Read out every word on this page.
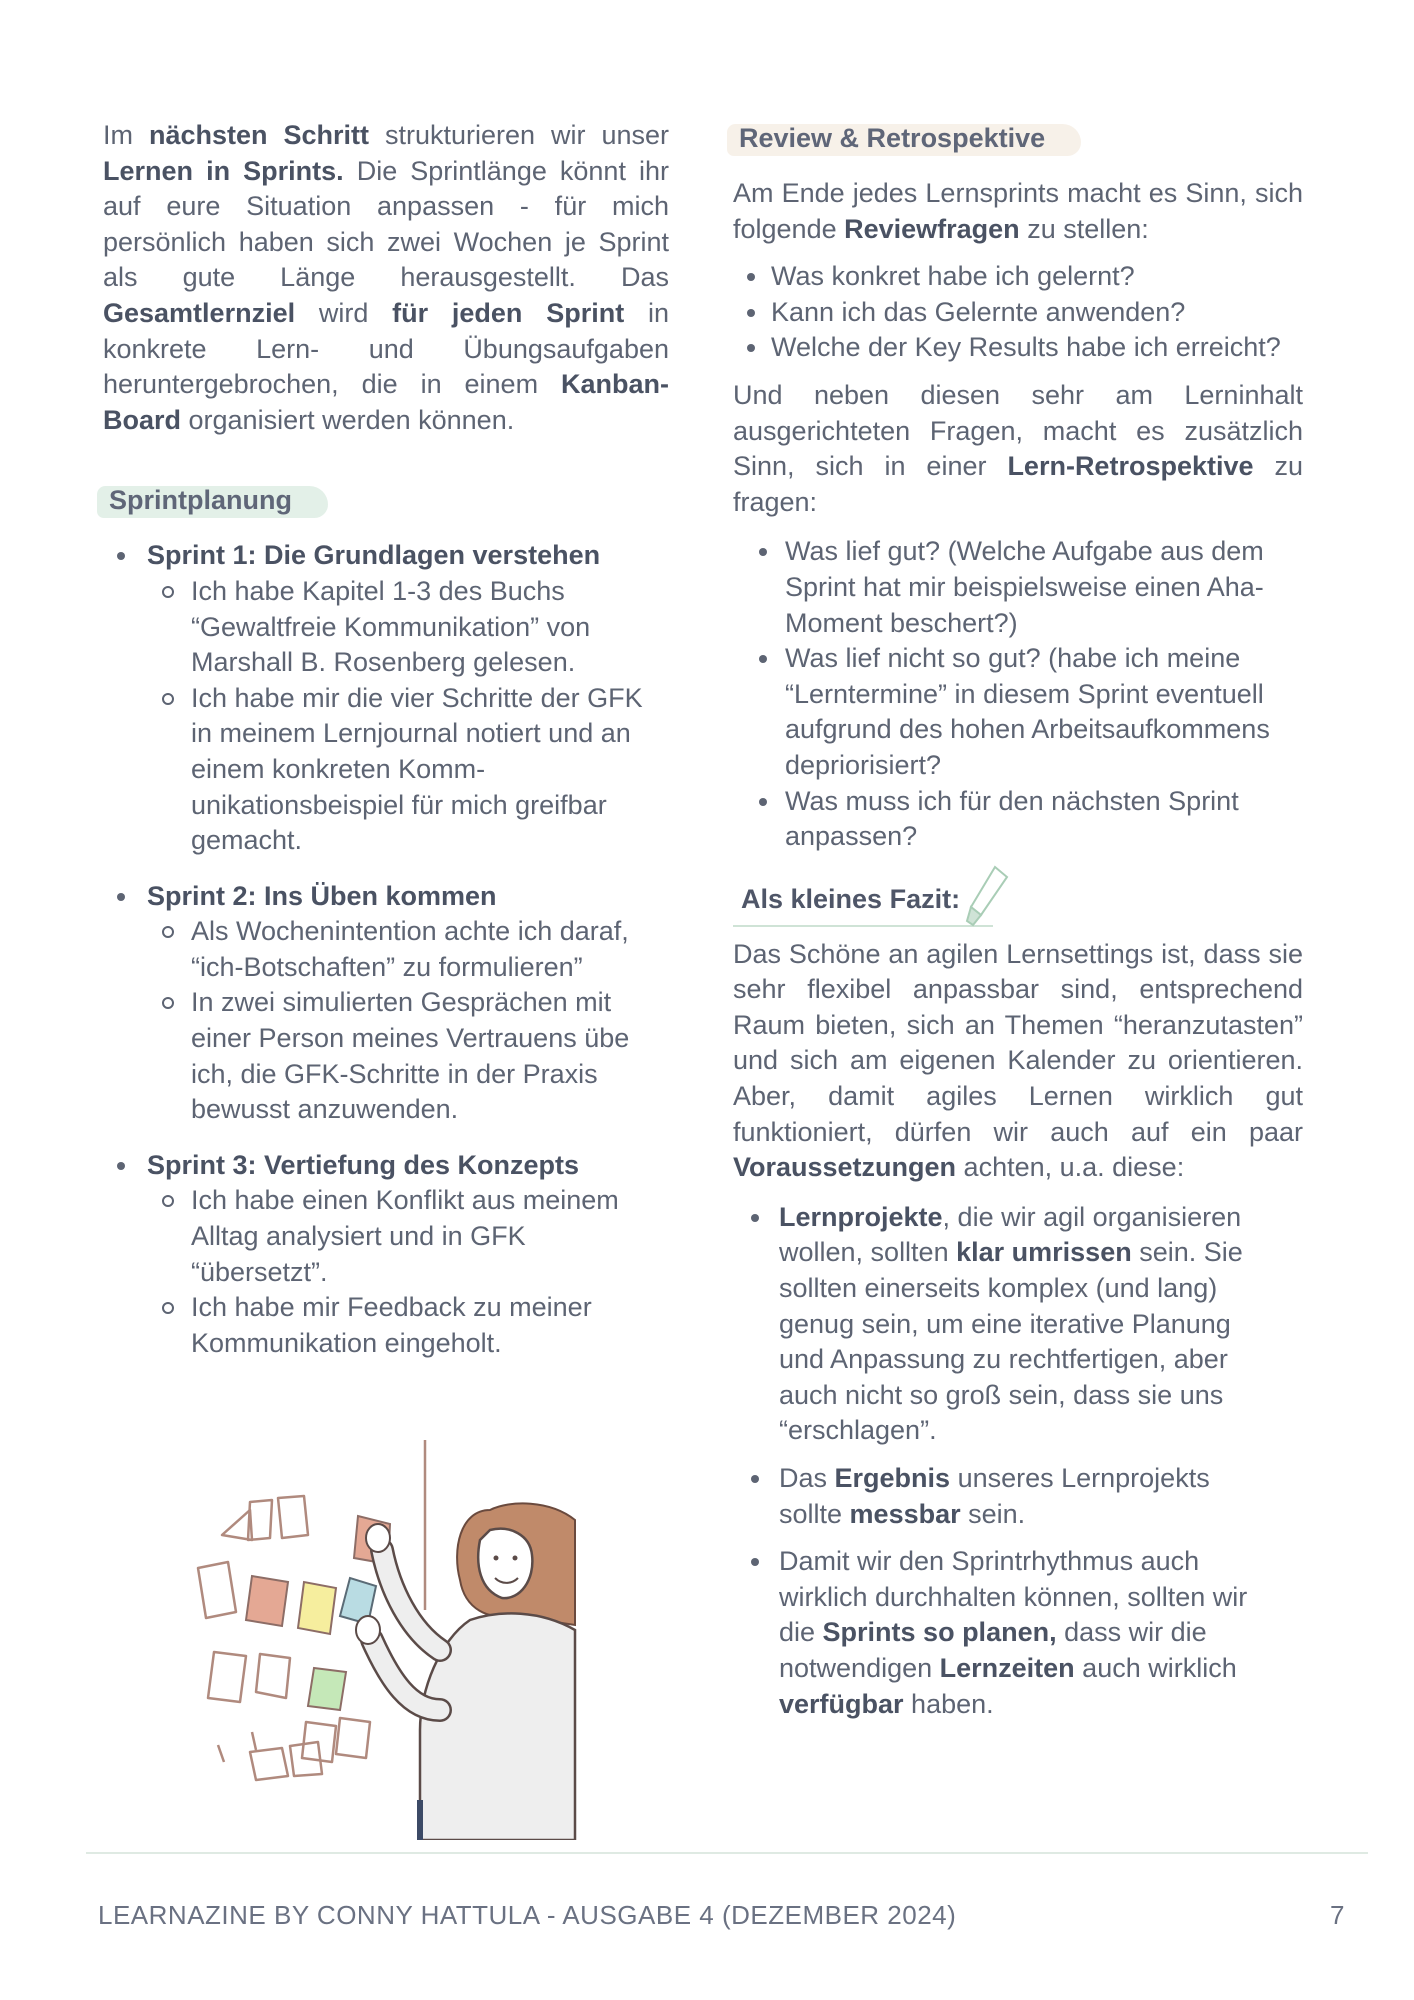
Im nächsten Schritt strukturieren wir unser Lernen in Sprints. Die Sprintlänge könnt ihr auf eure Situation anpassen - für mich persönlich haben sich zwei Wochen je Sprint als gute Länge herausgestellt. Das Gesamtlernziel wird für jeden Sprint in konkrete Lern- und Übungsaufgaben heruntergebrochen, die in einem Kanban-Board organisiert werden können.

Sprintplanung
Sprint 1: Die Grundlagen verstehen
Ich habe Kapitel 1-3 des Buchs “Gewaltfreie Kommunikation” von Marshall B. Rosenberg gelesen.
Ich habe mir die vier Schritte der GFK in meinem Lernjournal notiert und an einem konkreten Komm-unikationsbeispiel für mich greifbar gemacht.
Sprint 2: Ins Üben kommen
Als Wochenintention achte ich daraf, “ich-Botschaften” zu formulieren”
In zwei simulierten Gesprächen mit einer Person meines Vertrauens übe ich, die GFK-Schritte in der Praxis bewusst anzuwenden.
Sprint 3: Vertiefung des Konzepts
Ich habe einen Konflikt aus meinem Alltag analysiert und in GFK “übersetzt”.
Ich habe mir Feedback zu meiner Kommunikation eingeholt.
Review & Retrospektive

Am Ende jedes Lernsprints macht es Sinn, sich folgende Reviewfragen zu stellen:

Was konkret habe ich gelernt?
Kann ich das Gelernte anwenden?
Welche der Key Results habe ich erreicht?

Und neben diesen sehr am Lerninhalt ausgerichteten Fragen, macht es zusätzlich Sinn, sich in einer Lern-Retrospektive zu fragen:

Was lief gut? (Welche Aufgabe aus dem Sprint hat mir beispielsweise einen Aha-Moment beschert?)
Was lief nicht so gut? (habe ich meine “Lerntermine” in diesem Sprint eventuell aufgrund des hohen Arbeitsaufkommens depriorisiert?
Was muss ich für den nächsten Sprint anpassen?
Als kleines Fazit:

Das Schöne an agilen Lernsettings ist, dass sie sehr flexibel anpassbar sind, entsprechend Raum bieten, sich an Themen “heranzutasten” und sich am eigenen Kalender zu orientieren. Aber, damit agiles Lernen wirklich gut funktioniert, dürfen wir auch auf ein paar Voraussetzungen achten, u.a. diese:

Lernprojekte, die wir agil organisieren wollen, sollten klar umrissen sein. Sie sollten einerseits komplex (und lang) genug sein, um eine iterative Planung und Anpassung zu rechtfertigen, aber auch nicht so groß sein, dass sie uns “erschlagen”.
Das Ergebnis unseres Lernprojekts sollte messbar sein.
Damit wir den Sprintrhythmus auch wirklich durchhalten können, sollten wir die Sprints so planen, dass wir die notwendigen Lernzeiten auch wirklich verfügbar haben.
LEARNAZINE BY CONNY HATTULA - AUSGABE 4 (DEZEMBER 2024)	7
